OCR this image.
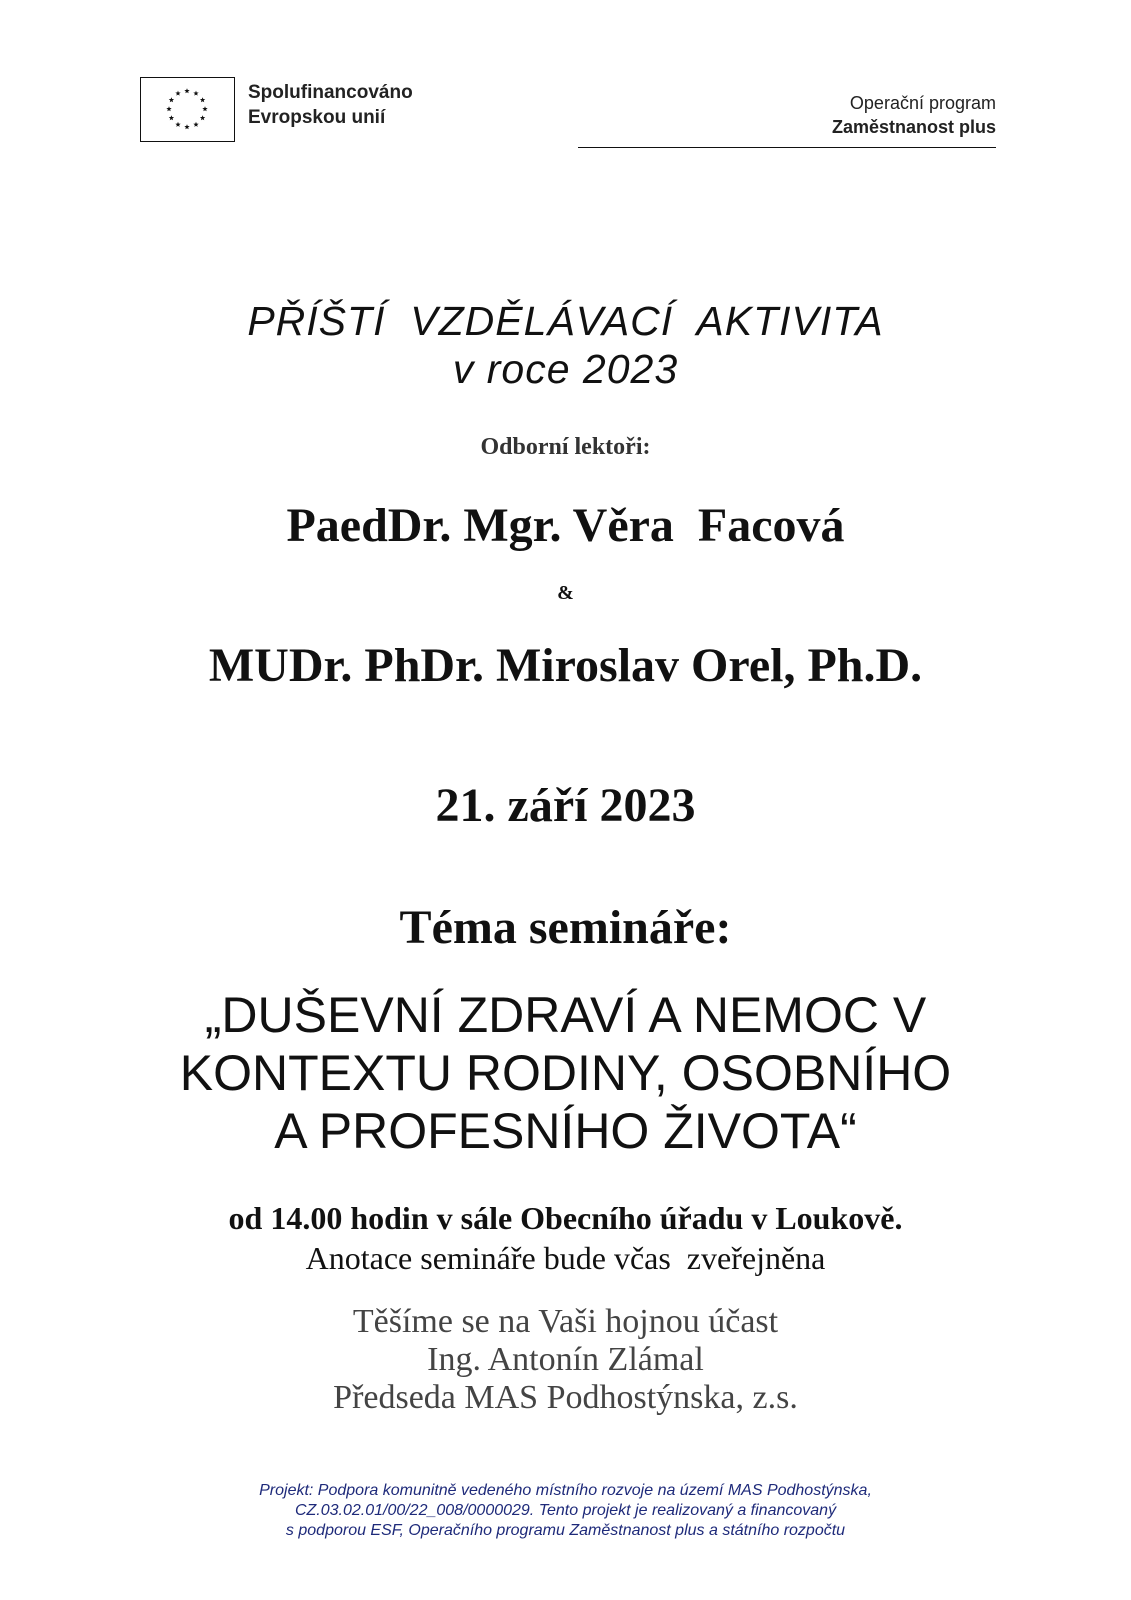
Spolufinancováno
Evropskou unií
Operační program
Zaměstnanost plus
PŘÍŠTÍ  VZDĚLÁVACÍ  AKTIVITA
v roce 2023
Odborní lektoři:
PaedDr. Mgr. Věra  Facová
&
MUDr. PhDr. Miroslav Orel, Ph.D.
21. září 2023
Téma semináře:
„DUŠEVNÍ ZDRAVÍ A NEMOC V
KONTEXTU RODINY, OSOBNÍHO
A PROFESNÍHO ŽIVOTA“
od 14.00 hodin v sále Obecního úřadu v Loukově.
Anotace semináře bude včas  zveřejněna
Těšíme se na Vaši hojnou účast
Ing. Antonín Zlámal
Předseda MAS Podhostýnska, z.s.
Projekt: Podpora komunitně vedeného místního rozvoje na území MAS Podhostýnska,
CZ.03.02.01/00/22_008/0000029. Tento projekt je realizovaný a financovaný
s podporou ESF, Operačního programu Zaměstnanost plus a státního rozpočtu
